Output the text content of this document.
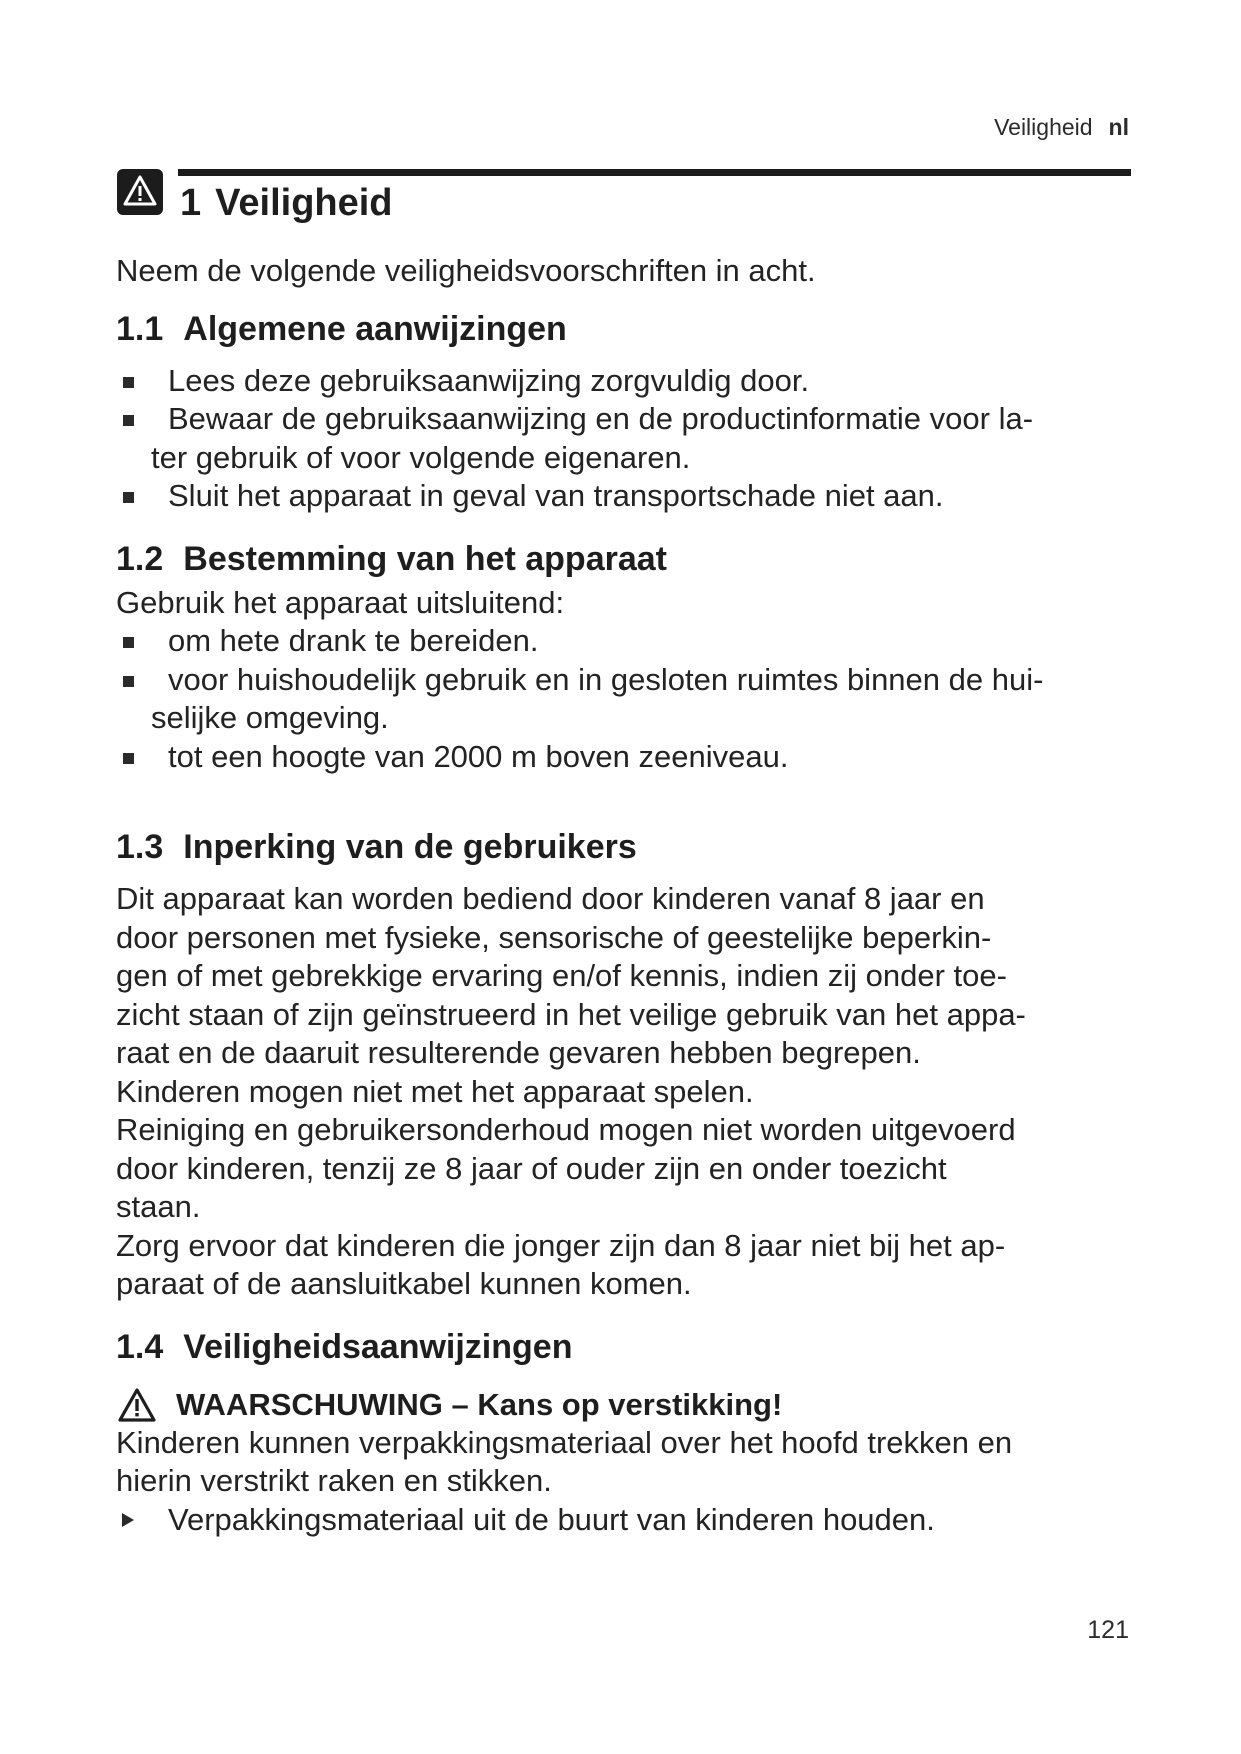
Veiligheid nl
1 Veiligheid

Neem de volgende veiligheidsvoorschriften in acht.

1.1 Algemene aanwijzingen
Lees deze gebruiksaanwijzing zorgvuldig door.
Bewaar de gebruiksaanwijzing en de productinformatie voor la-
ter gebruik of voor volgende eigenaren.
Sluit het apparaat in geval van transportschade niet aan.
1.2 Bestemming van het apparaat

Gebruik het apparaat uitsluitend:

om hete drank te bereiden.
voor huishoudelijk gebruik en in gesloten ruimtes binnen de hui-
selijke omgeving.
tot een hoogte van 2000 m boven zeeniveau.
1.3 Inperking van de gebruikers

Dit apparaat kan worden bediend door kinderen vanaf 8 jaar en

door personen met fysieke, sensorische of geestelijke beperkin-

gen of met gebrekkige ervaring en/of kennis, indien zij onder toe-

zicht staan of zijn geïnstrueerd in het veilige gebruik van het appa-

raat en de daaruit resulterende gevaren hebben begrepen.

Kinderen mogen niet met het apparaat spelen.

Reiniging en gebruikersonderhoud mogen niet worden uitgevoerd

door kinderen, tenzij ze 8 jaar of ouder zijn en onder toezicht

staan.

Zorg ervoor dat kinderen die jonger zijn dan 8 jaar niet bij het ap-

paraat of de aansluitkabel kunnen komen.

1.4 Veiligheidsaanwijzingen
WAARSCHUWING – Kans op verstikking!

Kinderen kunnen verpakkingsmateriaal over het hoofd trekken en

hierin verstrikt raken en stikken.

Verpakkingsmateriaal uit de buurt van kinderen houden.
121
